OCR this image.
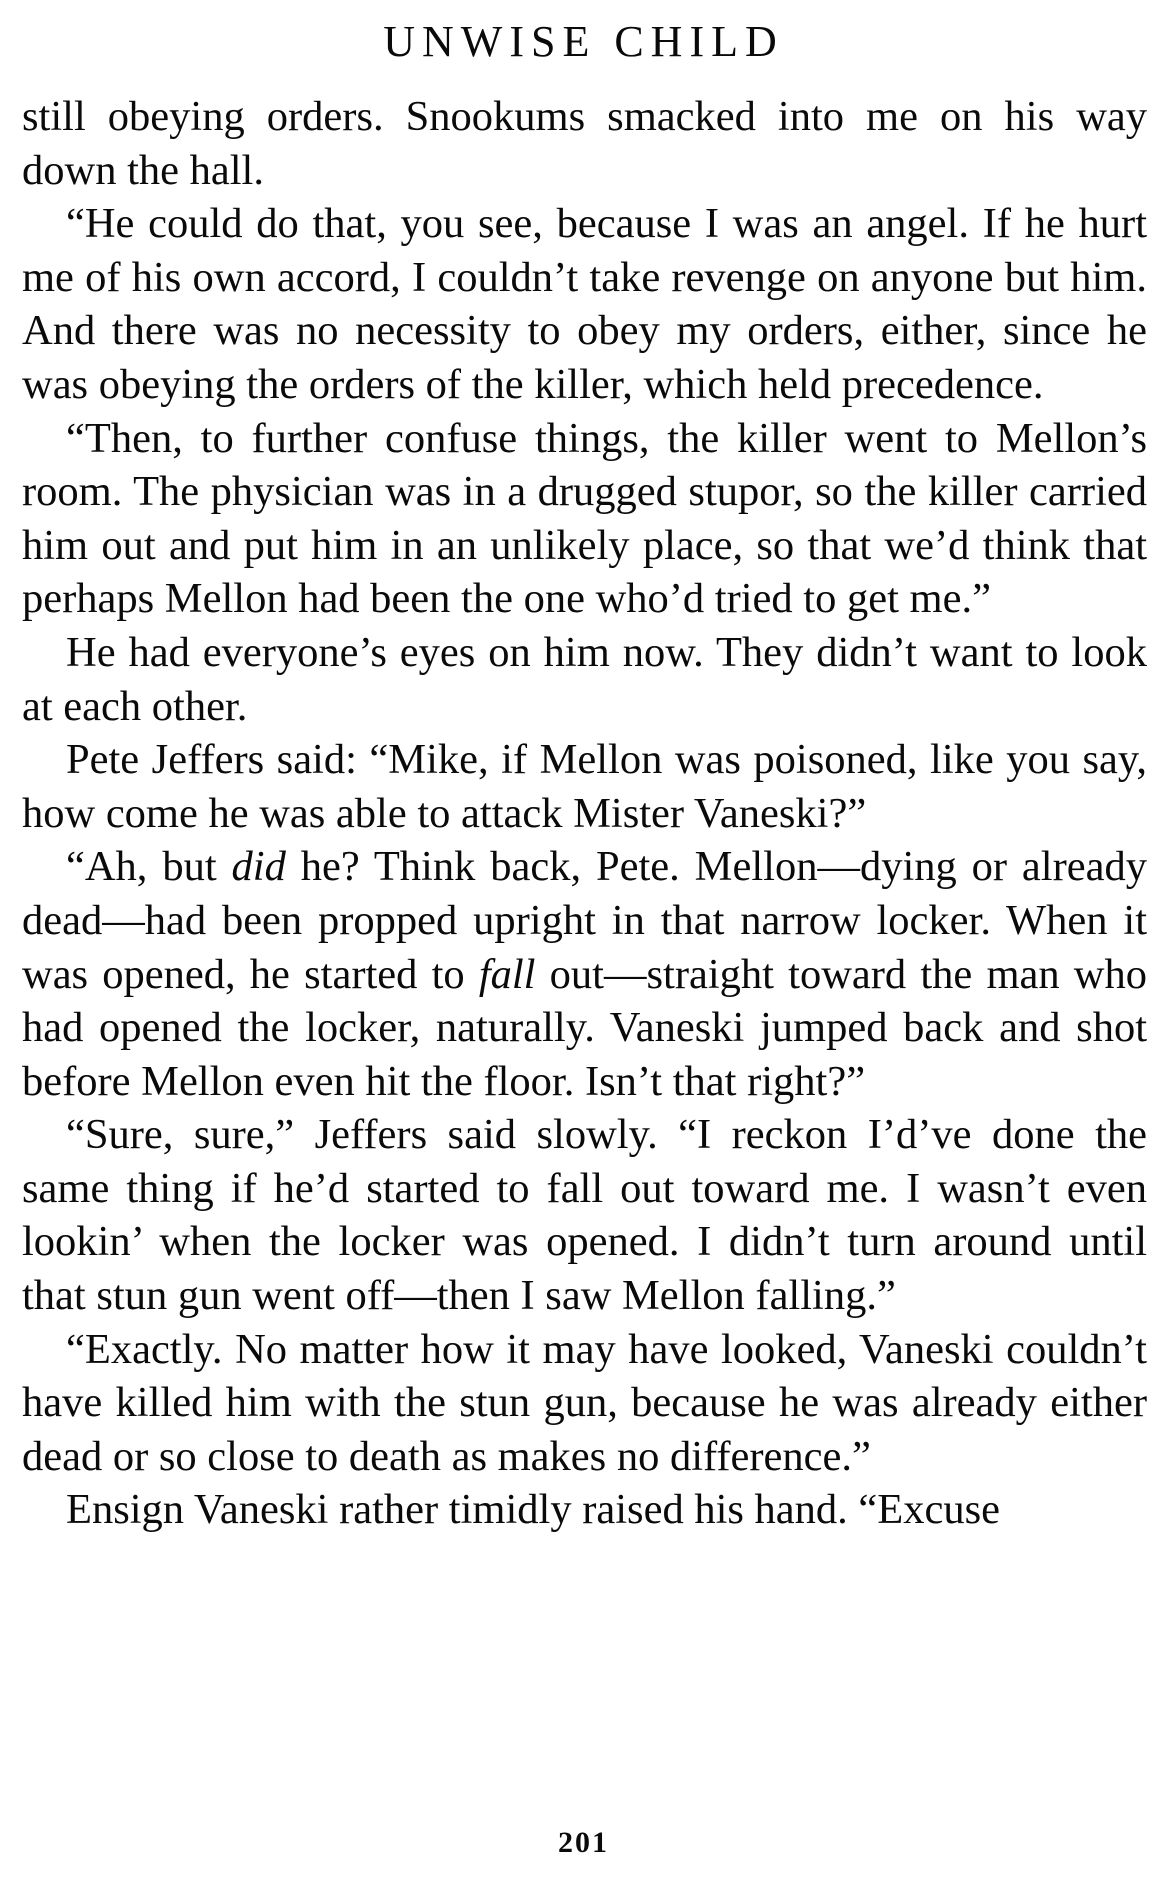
UNWISE CHILD

still obeying orders. Snookums smacked into me on his way down the hall.

“He could do that, you see, because I was an angel. If he hurt me of his own accord, I couldn’t take revenge on anyone but him. And there was no necessity to obey my orders, either, since he was obeying the orders of the killer, which held precedence.

“Then, to further confuse things, the killer went to Mellon’s room. The physician was in a drugged stupor, so the killer carried him out and put him in an unlikely place, so that we’d think that perhaps Mellon had been the one who’d tried to get me.”

He had everyone’s eyes on him now. They didn’t want to look at each other.

Pete Jeffers said: “Mike, if Mellon was poisoned, like you say, how come he was able to attack Mister Vaneski?”

“Ah, but did he? Think back, Pete. Mellon—dying or already dead—had been propped upright in that narrow locker. When it was opened, he started to fall out—straight toward the man who had opened the locker, naturally. Vaneski jumped back and shot before Mellon even hit the floor. Isn’t that right?”

“Sure, sure,” Jeffers said slowly. “I reckon I’d’ve done the same thing if he’d started to fall out toward me. I wasn’t even lookin’ when the locker was opened. I didn’t turn around until that stun gun went off—then I saw Mellon falling.”

“Exactly. No matter how it may have looked, Vaneski couldn’t have killed him with the stun gun, because he was already either dead or so close to death as makes no difference.”

Ensign Vaneski rather timidly raised his hand. “Excuse

201
